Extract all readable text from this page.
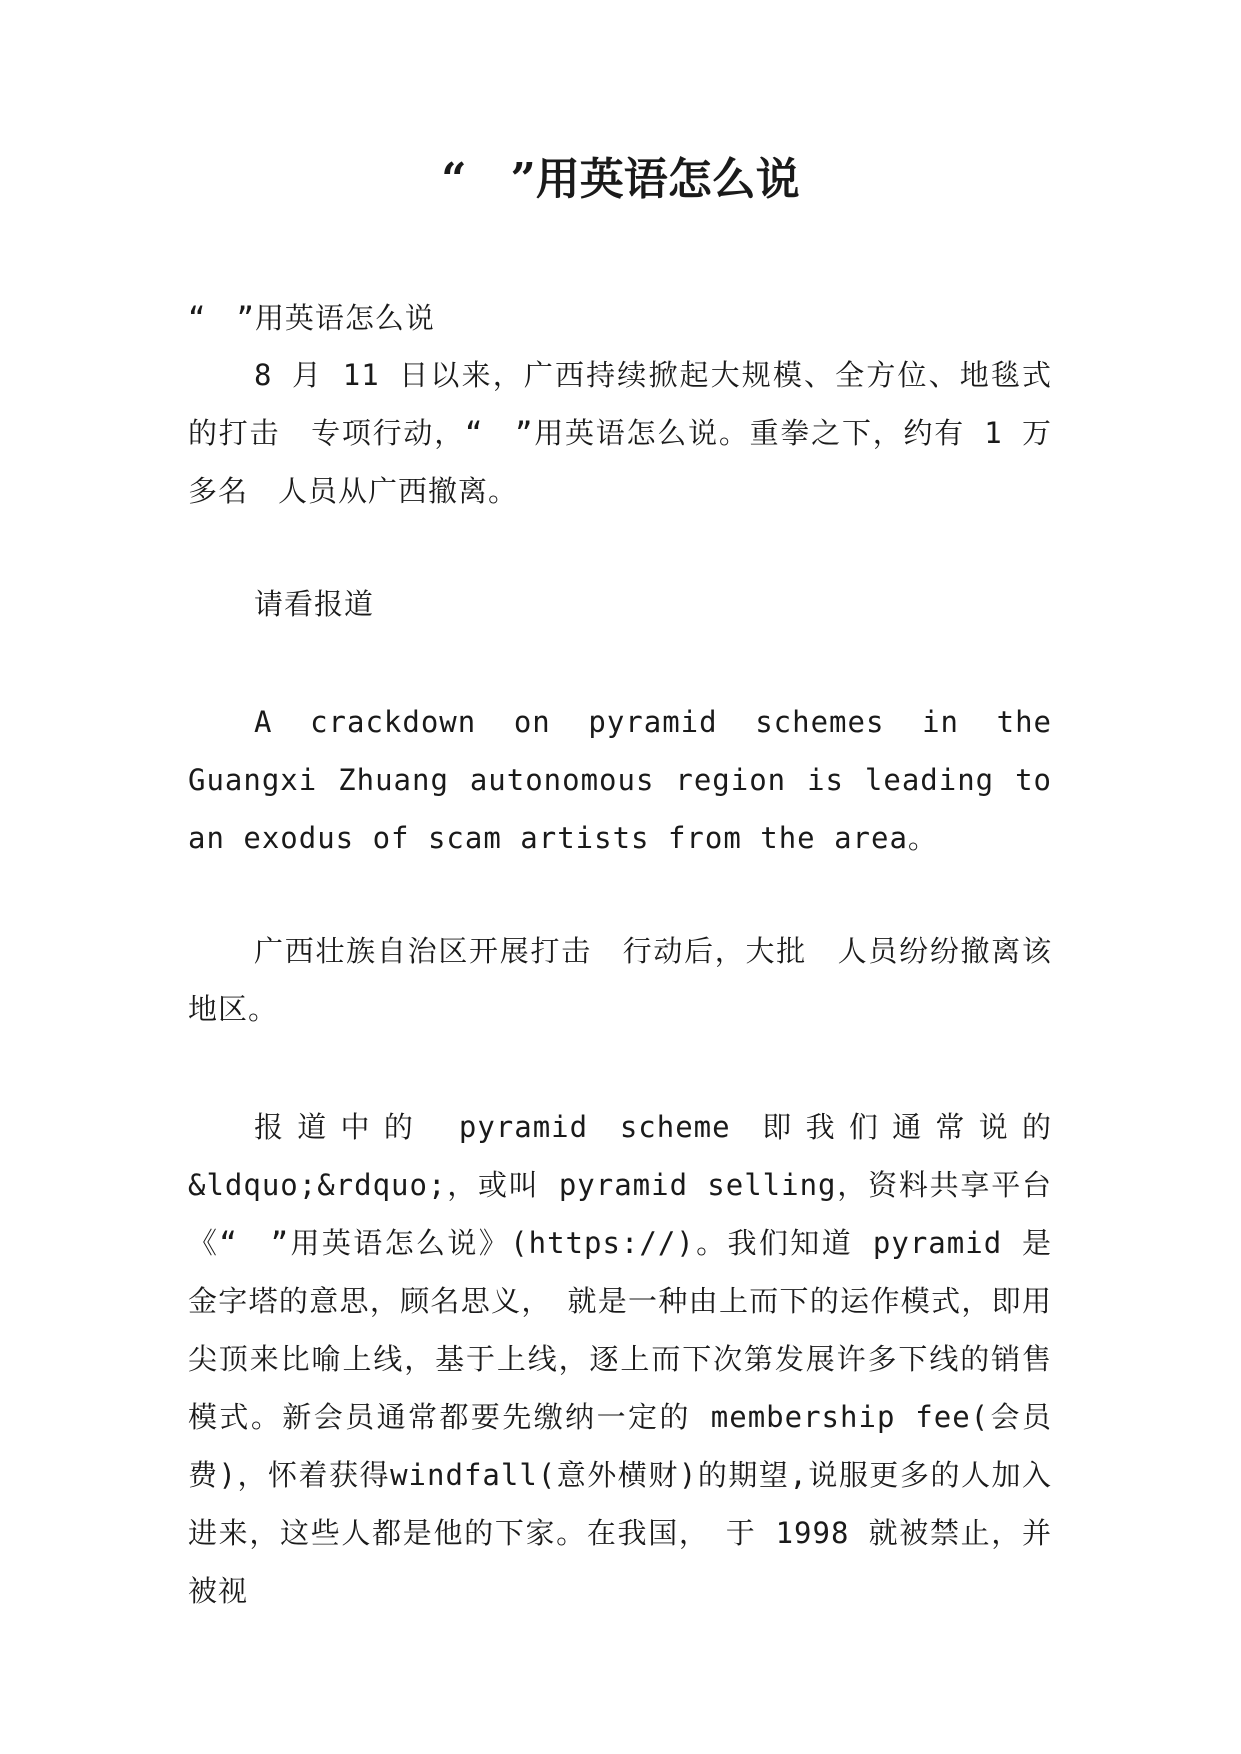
“　”用英语怎么说

“　”用英语怎么说

8 月 11 日以来，广西持续掀起大规模、全方位、地毯式的打击　专项行动，“　”用英语怎么说。重拳之下，约有 1 万多名　人员从广西撤离。

请看报道

A crackdown on pyramid schemes in the Guangxi Zhuang autonomous region is leading to an exodus of scam artists from the area。

广西壮族自治区开展打击　行动后，大批　人员纷纷撤离该地区。

报道中的 pyramid scheme 即我们通常说的&ldquo;&rdquo;，或叫 pyramid selling，资料共享平台《“　”用英语怎么说》(https://)。我们知道 pyramid 是金字塔的意思，顾名思义，　就是一种由上而下的运作模式，即用尖顶来比喻上线，基于上线，逐上而下次第发展许多下线的销售模式。新会员通常都要先缴纳一定的 membership fee(会员费)，怀着获得windfall(意外横财)的期望,说服更多的人加入进来，这些人都是他的下家。在我国，　于 1998 就被禁止，并被视
